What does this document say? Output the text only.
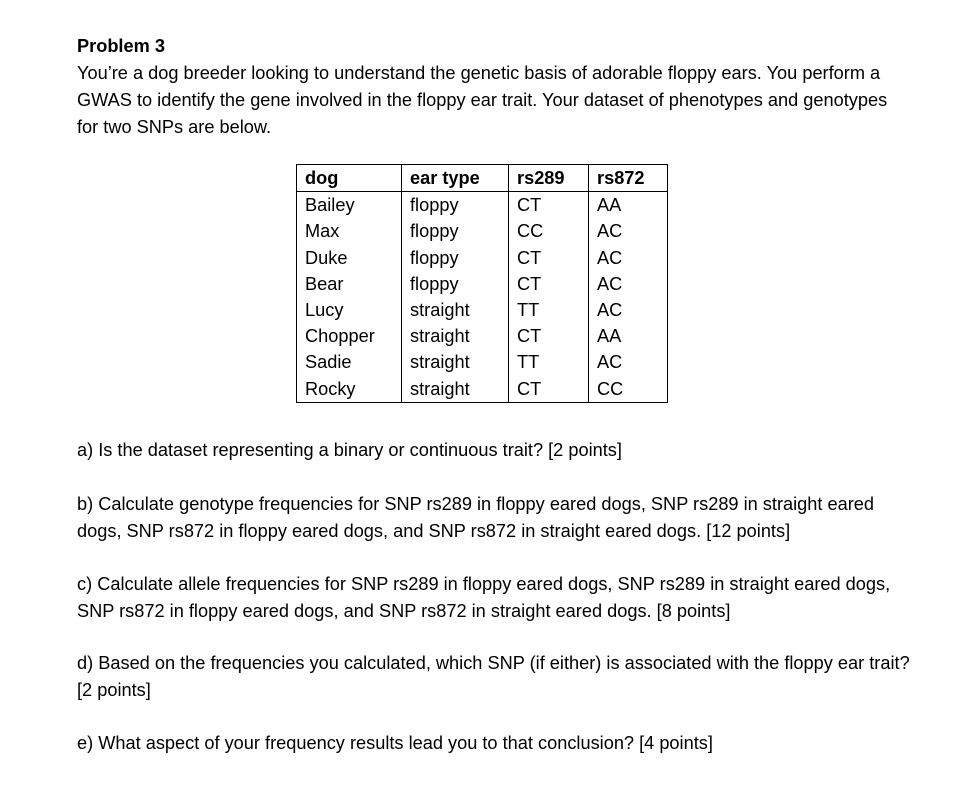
Problem 3

You’re a dog breeder looking to understand the genetic basis of adorable floppy ears. You perform a GWAS to identify the gene involved in the floppy ear trait. Your dataset of phenotypes and genotypes for two SNPs are below.

dog	ear type	rs289	rs872
Bailey	floppy	CT	AA
Max	floppy	CC	AC
Duke	floppy	CT	AC
Bear	floppy	CT	AC
Lucy	straight	TT	AC
Chopper	straight	CT	AA
Sadie	straight	TT	AC
Rocky	straight	CT	CC

a) Is the dataset representing a binary or continuous trait? [2 points]

b) Calculate genotype frequencies for SNP rs289 in floppy eared dogs, SNP rs289 in straight eared dogs, SNP rs872 in floppy eared dogs, and SNP rs872 in straight eared dogs. [12 points]

c) Calculate allele frequencies for SNP rs289 in floppy eared dogs, SNP rs289 in straight eared dogs, SNP rs872 in floppy eared dogs, and SNP rs872 in straight eared dogs. [8 points]

d) Based on the frequencies you calculated, which SNP (if either) is associated with the floppy ear trait? [2 points]

e) What aspect of your frequency results lead you to that conclusion? [4 points]
